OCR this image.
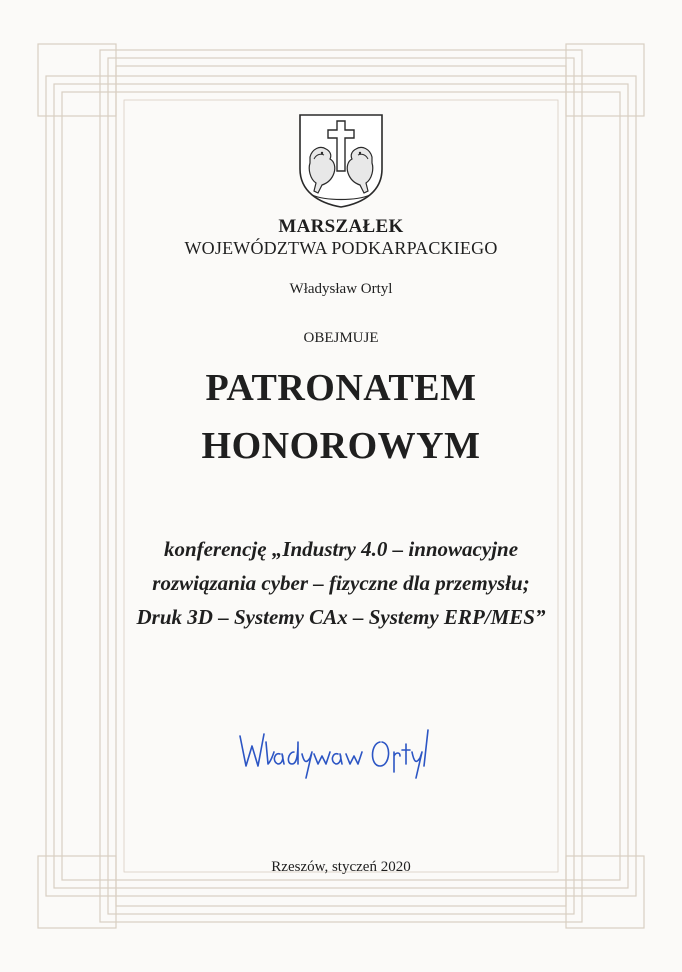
MARSZAŁEK
WOJEWÓDZTWA PODKARPACKIEGO
Władysław Ortyl
OBEJMUJE
PATRONATEM
HONOROWYM
konferencję „Industry 4.0 – innowacyjne
rozwiązania cyber – fizyczne dla przemysłu;
Druk 3D – Systemy CAx – Systemy ERP/MES”
Rzeszów, styczeń 2020
